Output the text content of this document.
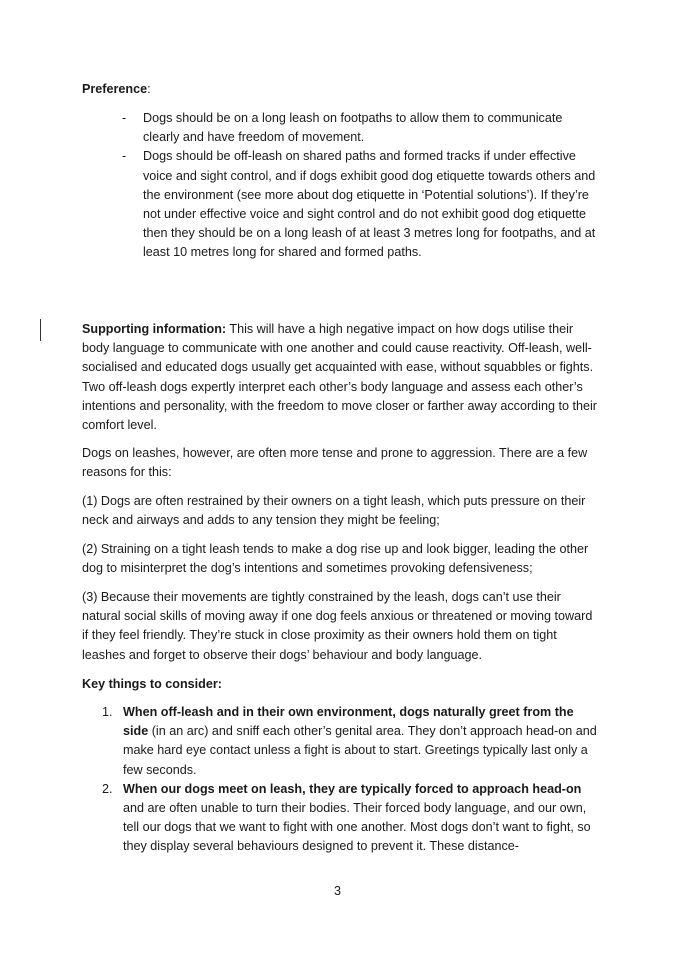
Preference:

- Dogs should be on a long leash on footpaths to allow them to communicate clearly and have freedom of movement.
- Dogs should be off-leash on shared paths and formed tracks if under effective voice and sight control, and if dogs exhibit good dog etiquette towards others and the environment (see more about dog etiquette in ‘Potential solutions’). If they’re not under effective voice and sight control and do not exhibit good dog etiquette then they should be on a long leash of at least 3 metres long for footpaths, and at least 10 metres long for shared and formed paths.

Supporting information: This will have a high negative impact on how dogs utilise their body language to communicate with one another and could cause reactivity. Off-leash, well-socialised and educated dogs usually get acquainted with ease, without squabbles or fights. Two off-leash dogs expertly interpret each other’s body language and assess each other’s intentions and personality, with the freedom to move closer or farther away according to their comfort level.

Dogs on leashes, however, are often more tense and prone to aggression. There are a few reasons for this:

(1) Dogs are often restrained by their owners on a tight leash, which puts pressure on their neck and airways and adds to any tension they might be feeling;

(2) Straining on a tight leash tends to make a dog rise up and look bigger, leading the other dog to misinterpret the dog’s intentions and sometimes provoking defensiveness;

(3) Because their movements are tightly constrained by the leash, dogs can’t use their natural social skills of moving away if one dog feels anxious or threatened or moving toward if they feel friendly. They’re stuck in close proximity as their owners hold them on tight leashes and forget to observe their dogs’ behaviour and body language.

Key things to consider:

1. When off-leash and in their own environment, dogs naturally greet from the side (in an arc) and sniff each other’s genital area. They don’t approach head-on and make hard eye contact unless a fight is about to start. Greetings typically last only a few seconds.
2. When our dogs meet on leash, they are typically forced to approach head-on and are often unable to turn their bodies. Their forced body language, and our own, tell our dogs that we want to fight with one another. Most dogs don’t want to fight, so they display several behaviours designed to prevent it. These distance-
3
